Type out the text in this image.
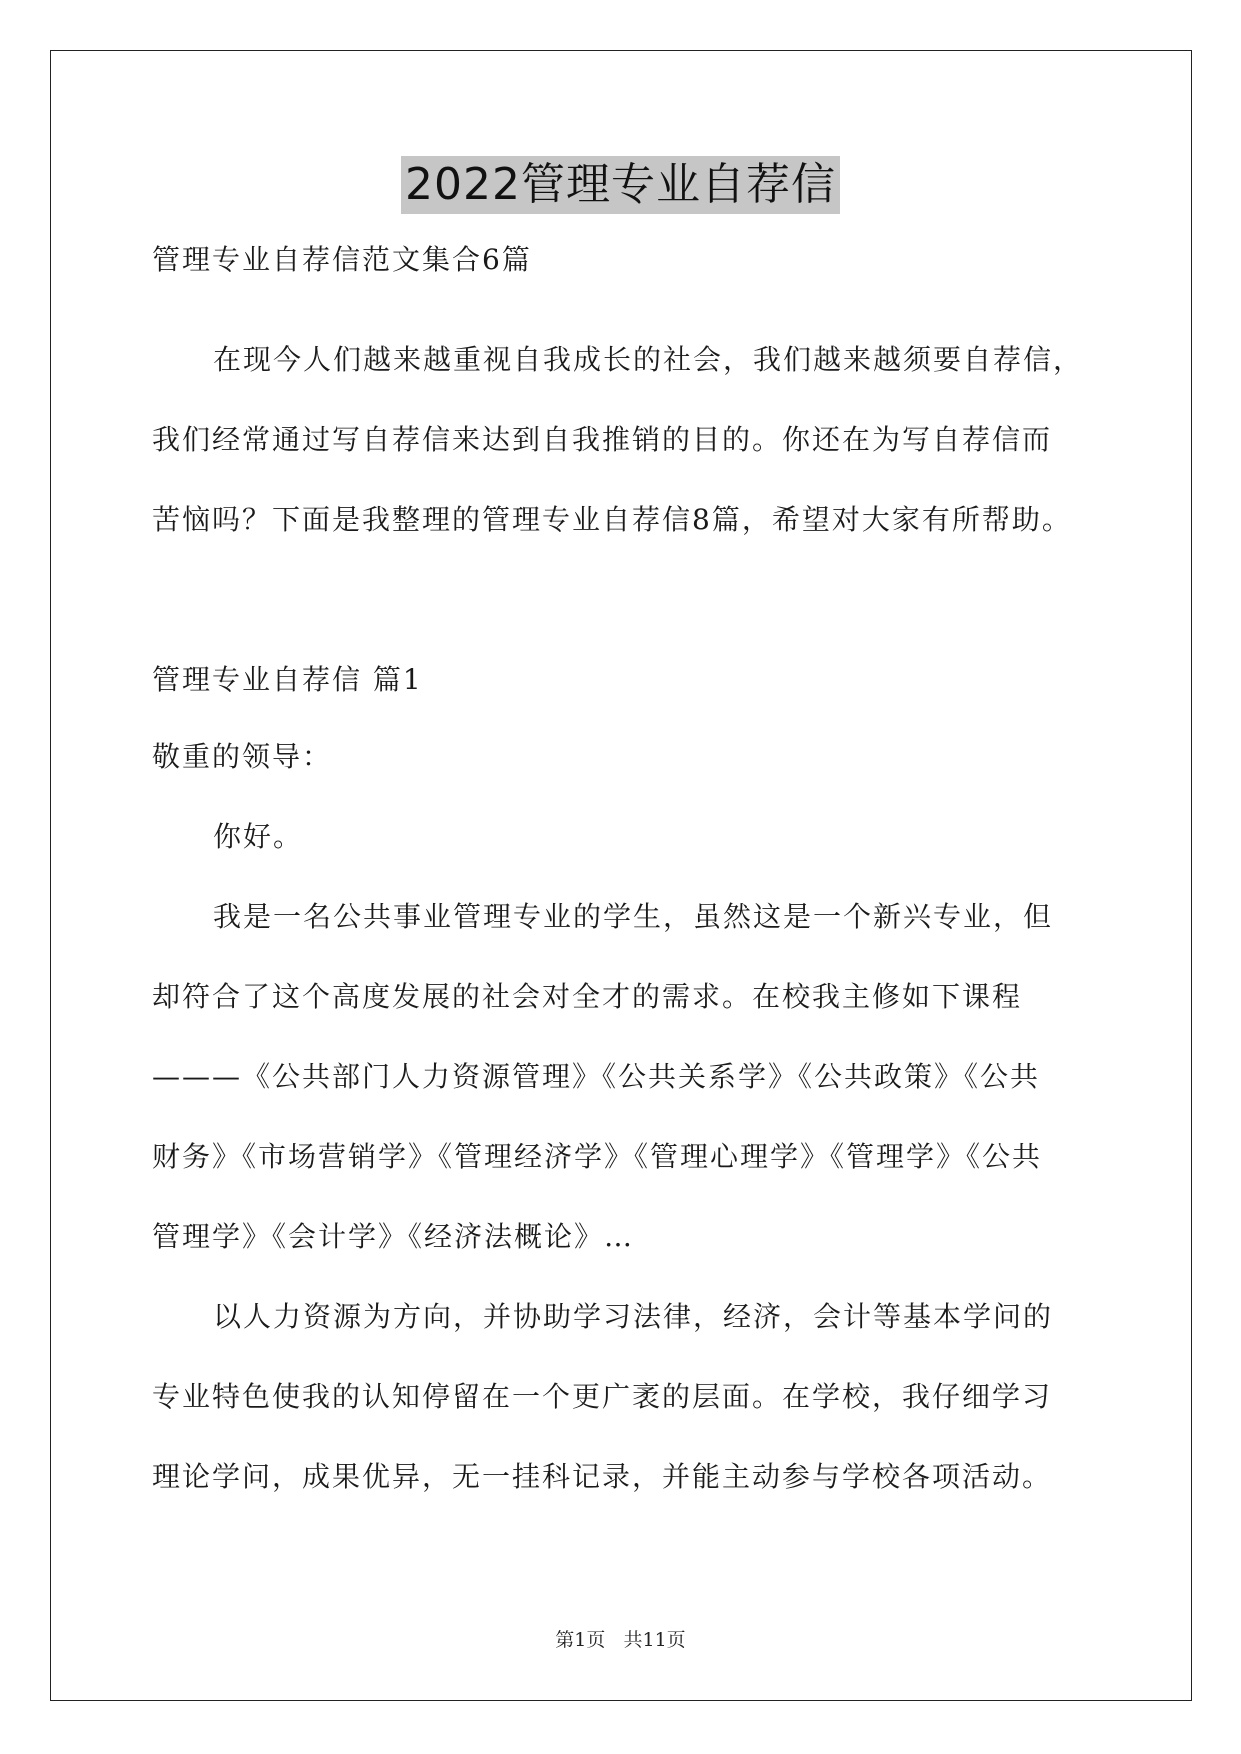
2022管理专业自荐信
管理专业自荐信范文集合6篇
在现今人们越来越重视自我成长的社会，我们越来越须要自荐信，
我们经常通过写自荐信来达到自我推销的目的。你还在为写自荐信而
苦恼吗？下面是我整理的管理专业自荐信8篇，希望对大家有所帮助。
管理专业自荐信 篇1
敬重的领导：
你好。
我是一名公共事业管理专业的学生，虽然这是一个新兴专业，但
却符合了这个高度发展的社会对全才的需求。在校我主修如下课程
———《公共部门人力资源管理》《公共关系学》《公共政策》《公共
财务》《市场营销学》《管理经济学》《管理心理学》《管理学》《公共
管理学》《会计学》《经济法概论》…
以人力资源为方向，并协助学习法律，经济，会计等基本学问的
专业特色使我的认知停留在一个更广袤的层面。在学校，我仔细学习
理论学问，成果优异，无一挂科记录，并能主动参与学校各项活动。
第1页   共11页
